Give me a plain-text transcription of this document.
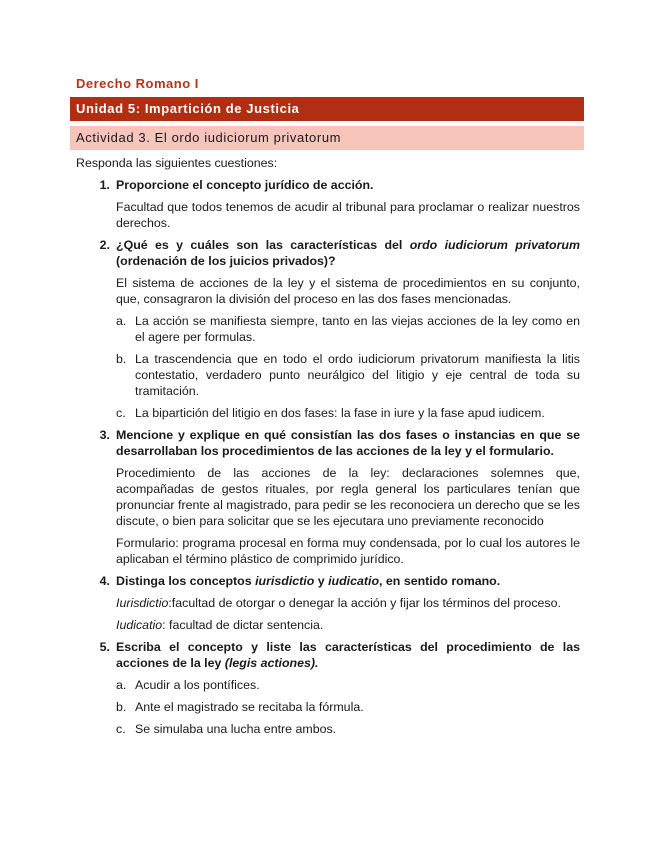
Derecho Romano I
Unidad 5: Impartición de Justicia
Actividad 3. El ordo iudiciorum privatorum

Responda las siguientes cuestiones:

1. Proporcione el concepto jurídico de acción.

Facultad que todos tenemos de acudir al tribunal para proclamar o realizar nuestros derechos.

2. ¿Qué es y cuáles son las características del ordo iudiciorum privatorum (ordenación de los juicios privados)?

El sistema de acciones de la ley y el sistema de procedimientos en su conjunto, que, consagraron la división del proceso en las dos fases mencionadas.

a. La acción se manifiesta siempre, tanto en las viejas acciones de la ley como en el agere per formulas.
b. La trascendencia que en todo el ordo iudiciorum privatorum manifiesta la litis contestatio, verdadero punto neurálgico del litigio y eje central de toda su tramitación.
c. La bipartición del litigio en dos fases: la fase in iure y la fase apud iudicem.
3. Mencione y explique en qué consistían las dos fases o instancias en que se desarrollaban los procedimientos de las acciones de la ley y el formulario.

Procedimiento de las acciones de la ley: declaraciones solemnes que, acompañadas de gestos rituales, por regla general los particulares tenían que pronunciar frente al magistrado, para pedir se les reconociera un derecho que se les discute, o bien para solicitar que se les ejecutara uno previamente reconocido

Formulario: programa procesal en forma muy condensada, por lo cual los autores le aplicaban el término plástico de comprimido jurídico.

4. Distinga los conceptos iurisdictio y iudicatio, en sentido romano.

Iurisdictio:facultad de otorgar o denegar la acción y fijar los términos del proceso.

Iudicatio: facultad de dictar sentencia.

5. Escriba el concepto y liste las características del procedimiento de las acciones de la ley (legis actiones).
a. Acudir a los pontífices.
b. Ante el magistrado se recitaba la fórmula.
c. Se simulaba una lucha entre ambos.
